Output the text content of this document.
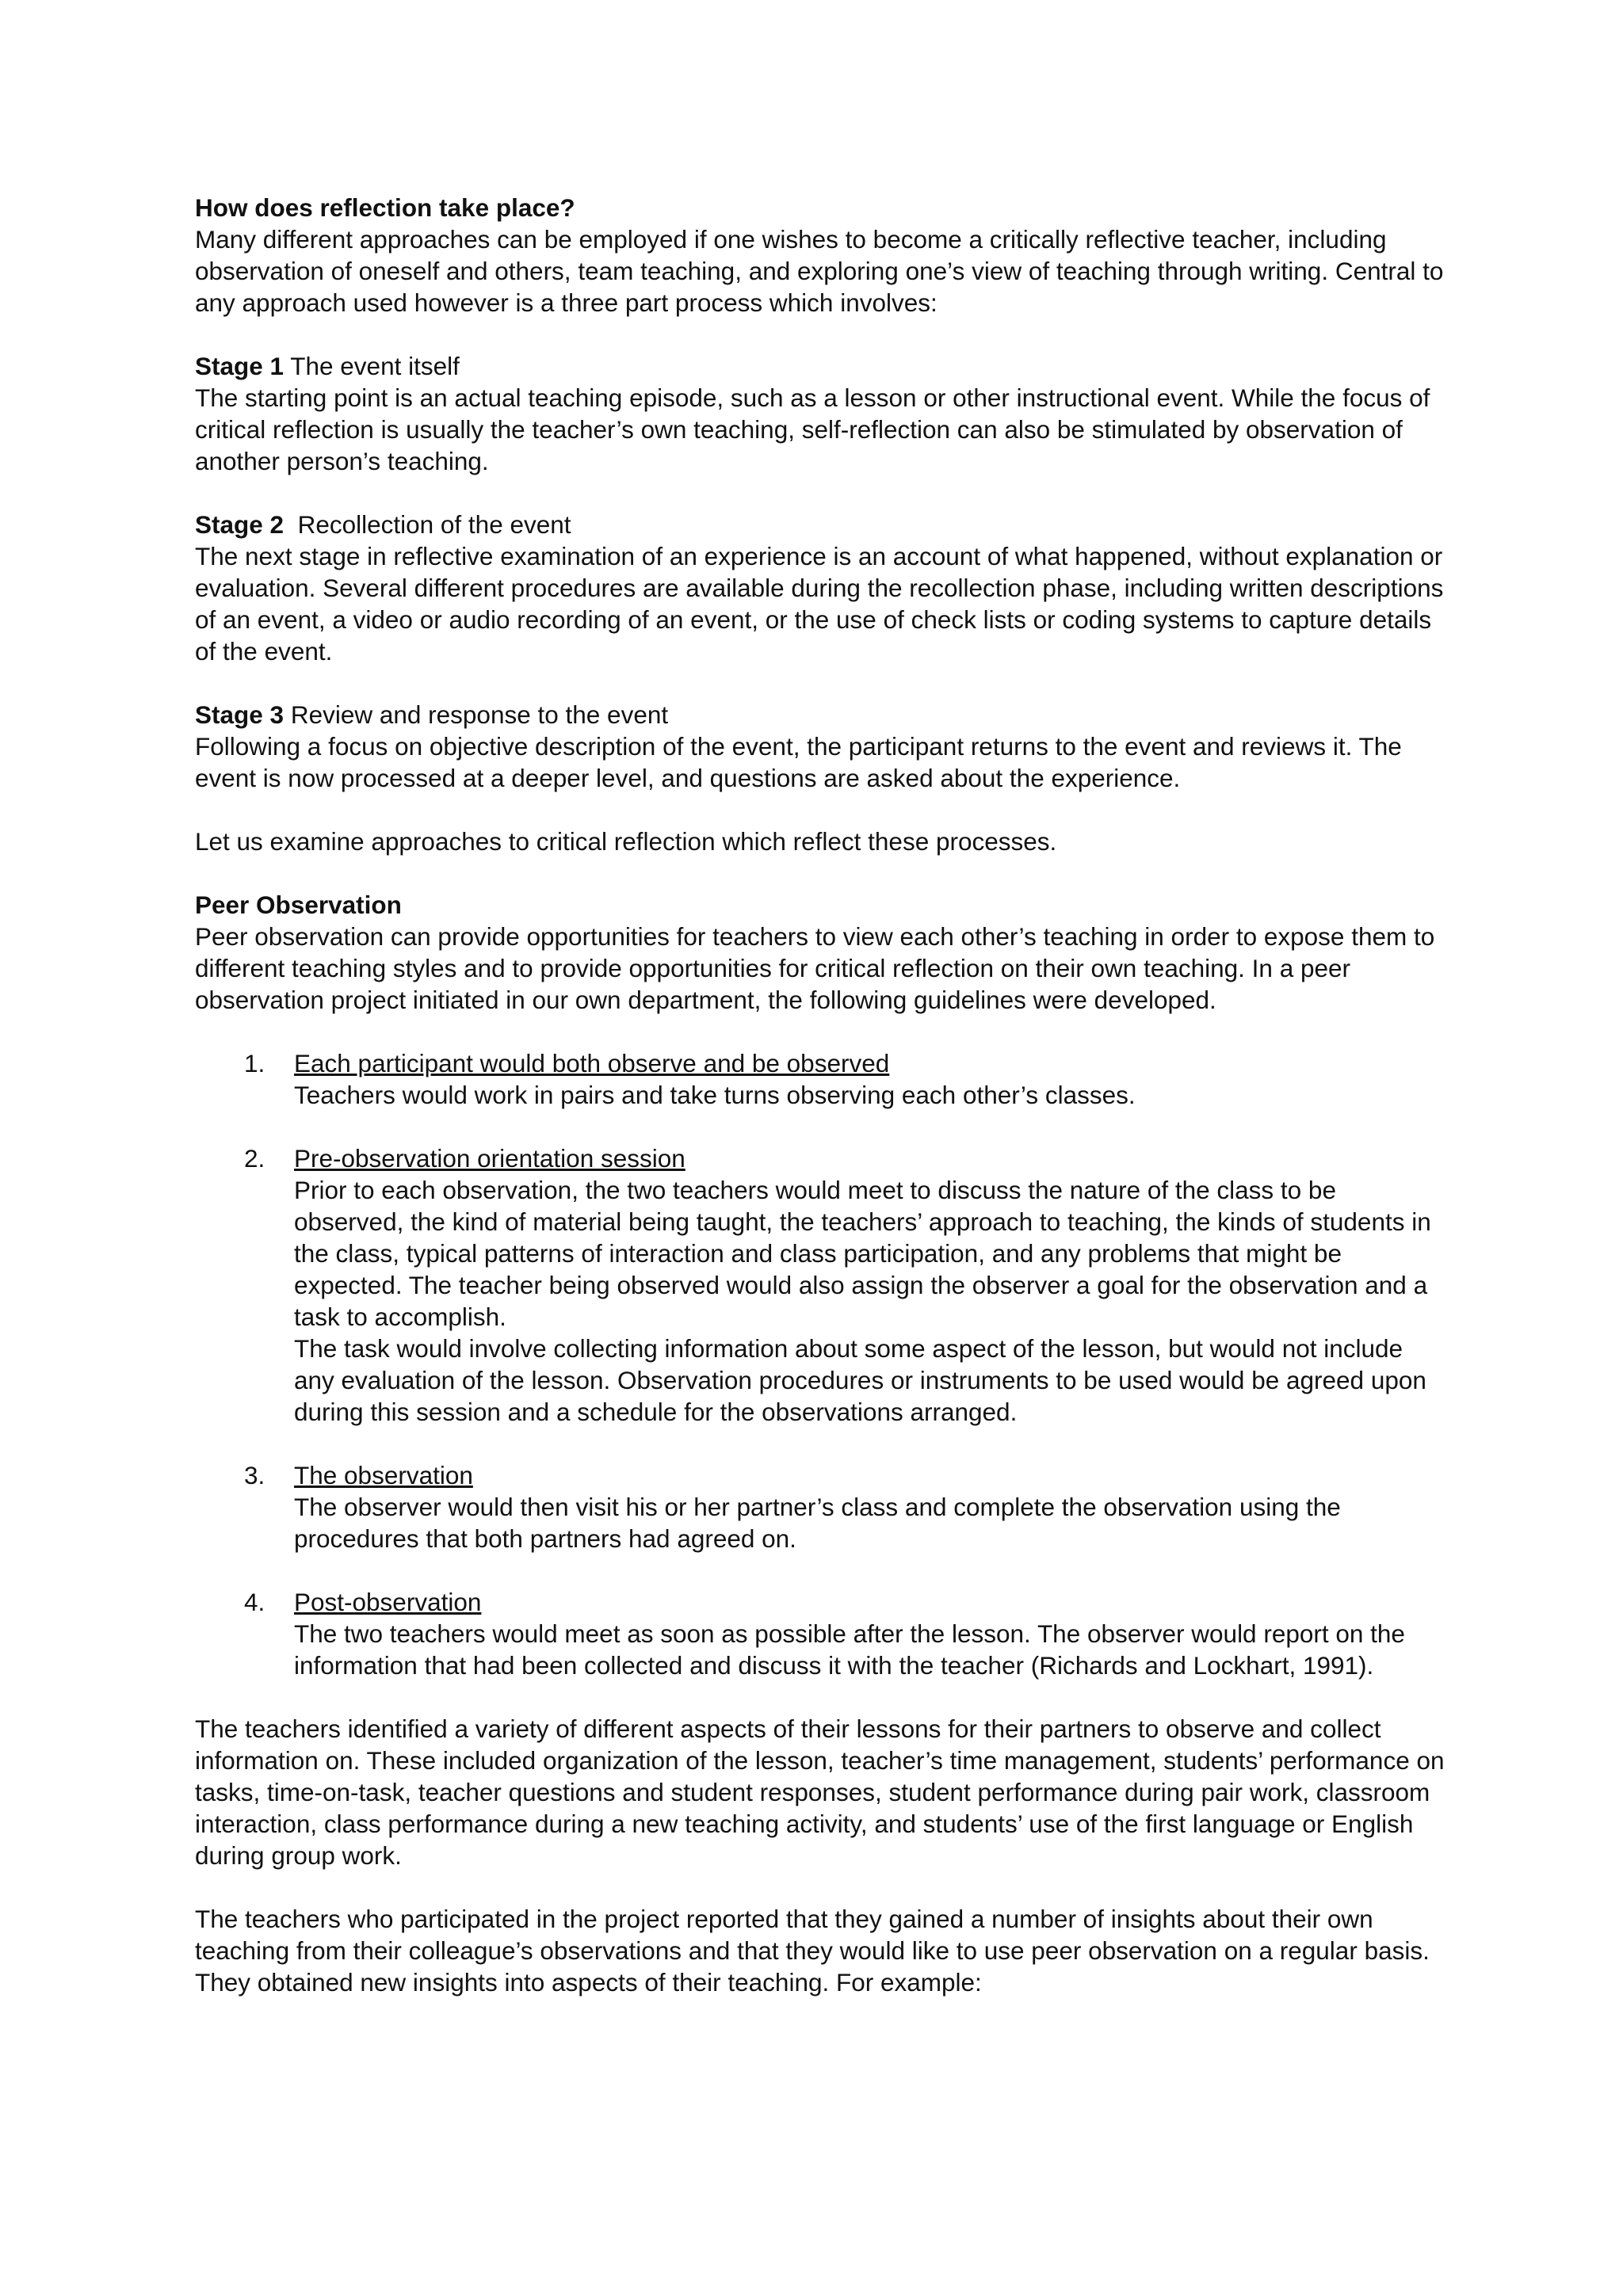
How does reflection take place?

Many different approaches can be employed if one wishes to become a critically reflective teacher, including observation of oneself and others, team teaching, and exploring one’s view of teaching through writing. Central to any approach used however is a three part process which involves:

Stage 1 The event itself

The starting point is an actual teaching episode, such as a lesson or other instructional event. While the focus of critical reflection is usually the teacher’s own teaching, self-reflection can also be stimulated by observation of another person’s teaching.

Stage 2  Recollection of the event

The next stage in reflective examination of an experience is an account of what happened, without explanation or evaluation. Several different procedures are available during the recollection phase, including written descriptions of an event, a video or audio recording of an event, or the use of check lists or coding systems to capture details of the event.

Stage 3 Review and response to the event

Following a focus on objective description of the event, the participant returns to the event and reviews it. The event is now processed at a deeper level, and questions are asked about the experience.

Let us examine approaches to critical reflection which reflect these processes.

Peer Observation

Peer observation can provide opportunities for teachers to view each other’s teaching in order to expose them to different teaching styles and to provide opportunities for critical reflection on their own teaching. In a peer observation project initiated in our own department, the following guidelines were developed.

1. Each participant would both observe and be observed

Teachers would work in pairs and take turns observing each other’s classes.

2. Pre-observation orientation session

Prior to each observation, the two teachers would meet to discuss the nature of the class to be observed, the kind of material being taught, the teachers’ approach to teaching, the kinds of students in the class, typical patterns of interaction and class participation, and any problems that might be expected. The teacher being observed would also assign the observer a goal for the observation and a task to accomplish.

The task would involve collecting information about some aspect of the lesson, but would not include any evaluation of the lesson. Observation procedures or instruments to be used would be agreed upon during this session and a schedule for the observations arranged.

3. The observation

The observer would then visit his or her partner’s class and complete the observation using the procedures that both partners had agreed on.

4. Post-observation

The two teachers would meet as soon as possible after the lesson. The observer would report on the information that had been collected and discuss it with the teacher (Richards and Lockhart, 1991).

The teachers identified a variety of different aspects of their lessons for their partners to observe and collect information on. These included organization of the lesson, teacher’s time management, students’ performance on tasks, time-on-task, teacher questions and student responses, student performance during pair work, classroom interaction, class performance during a new teaching activity, and students’ use of the first language or English during group work.

The teachers who participated in the project reported that they gained a number of insights about their own teaching from their colleague’s observations and that they would like to use peer observation on a regular basis. They obtained new insights into aspects of their teaching. For example:
